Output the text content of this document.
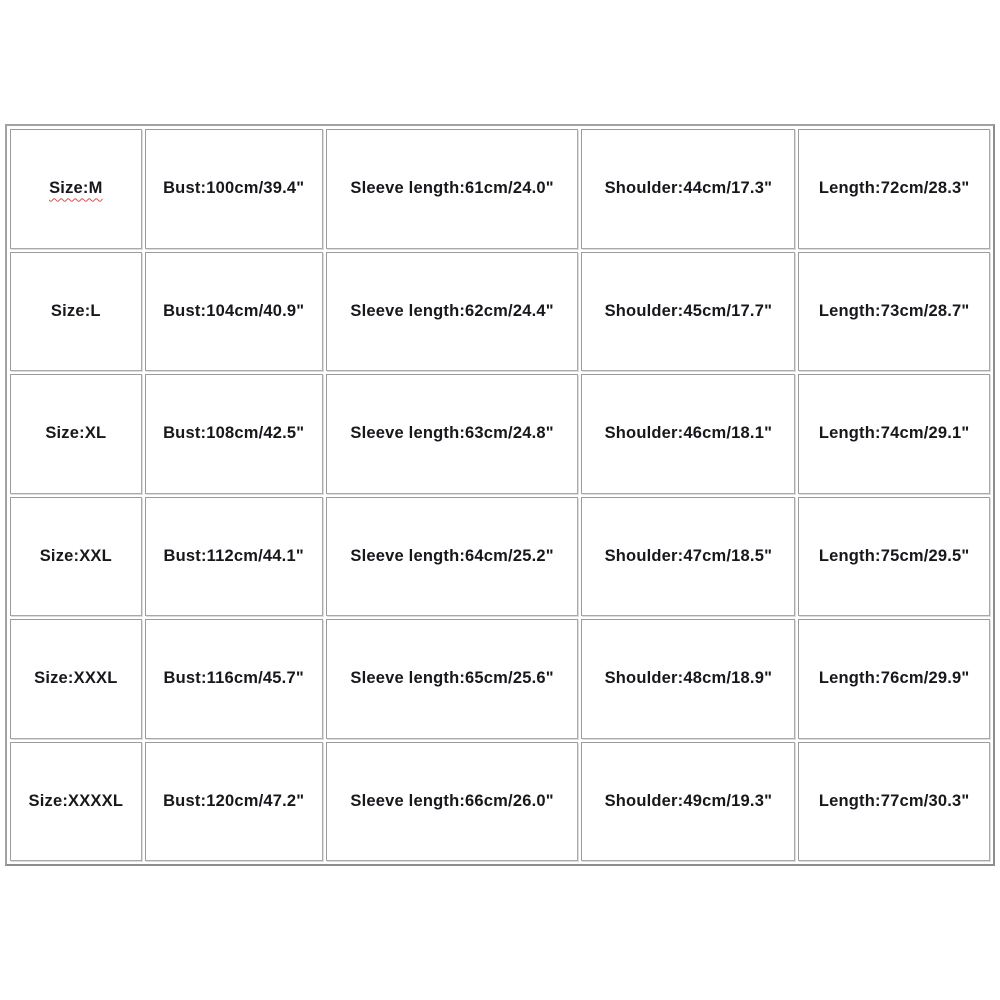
Size:M	Bust:100cm/39.4"	Sleeve length:61cm/24.0"	Shoulder:44cm/17.3"	Length:72cm/28.3"
Size:L	Bust:104cm/40.9"	Sleeve length:62cm/24.4"	Shoulder:45cm/17.7"	Length:73cm/28.7"
Size:XL	Bust:108cm/42.5"	Sleeve length:63cm/24.8"	Shoulder:46cm/18.1"	Length:74cm/29.1"
Size:XXL	Bust:112cm/44.1"	Sleeve length:64cm/25.2"	Shoulder:47cm/18.5"	Length:75cm/29.5"
Size:XXXL	Bust:116cm/45.7"	Sleeve length:65cm/25.6"	Shoulder:48cm/18.9"	Length:76cm/29.9"
Size:XXXXL	Bust:120cm/47.2"	Sleeve length:66cm/26.0"	Shoulder:49cm/19.3"	Length:77cm/30.3"
